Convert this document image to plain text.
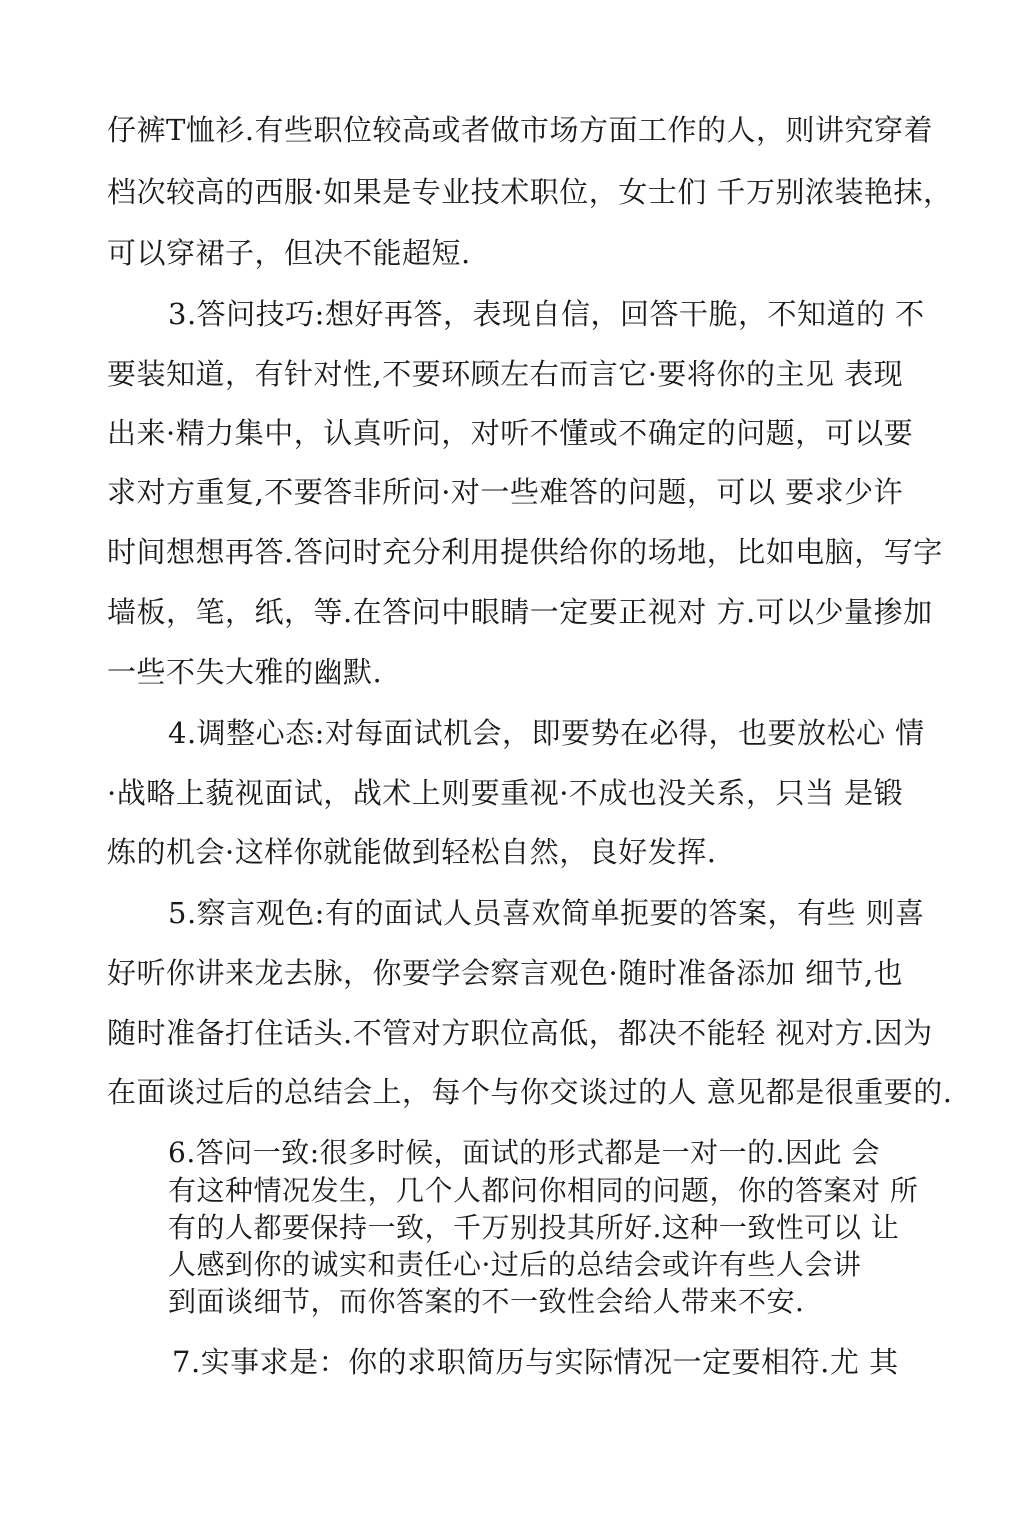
仔裤T恤衫.有些职位较高或者做市场方面工作的人，则讲究穿着
档次较高的西服·如果是专业技术职位，女士们 千万别浓装艳抹，
可以穿裙子，但决不能超短.
3.答问技巧:想好再答，表现自信，回答干脆，不知道的 不
要装知道，有针对性,不要环顾左右而言它·要将你的主见 表现
出来·精力集中，认真听问，对听不懂或不确定的问题，可以要
求对方重复,不要答非所问·对一些难答的问题，可以 要求少许
时间想想再答.答问时充分利用提供给你的场地，比如电脑，写字
墙板，笔，纸，等.在答问中眼睛一定要正视对 方.可以少量掺加
一些不失大雅的幽默.
4.调整心态:对每面试机会，即要势在必得，也要放松心 情
·战略上藐视面试，战术上则要重视·不成也没关系，只当 是锻
炼的机会·这样你就能做到轻松自然，良好发挥.
5.察言观色:有的面试人员喜欢简单扼要的答案，有些 则喜
好听你讲来龙去脉，你要学会察言观色·随时准备添加 细节,也
随时准备打住话头.不管对方职位高低，都决不能轻 视对方.因为
在面谈过后的总结会上，每个与你交谈过的人 意见都是很重要的.
6.答问一致:很多时候，面试的形式都是一对一的.因此 会
有这种情况发生，几个人都问你相同的问题，你的答案对 所
有的人都要保持一致，千万别投其所好.这种一致性可以 让
人感到你的诚实和责任心·过后的总结会或许有些人会讲
到面谈细节，而你答案的不一致性会给人带来不安.
7.实事求是：你的求职简历与实际情况一定要相符.尤 其
